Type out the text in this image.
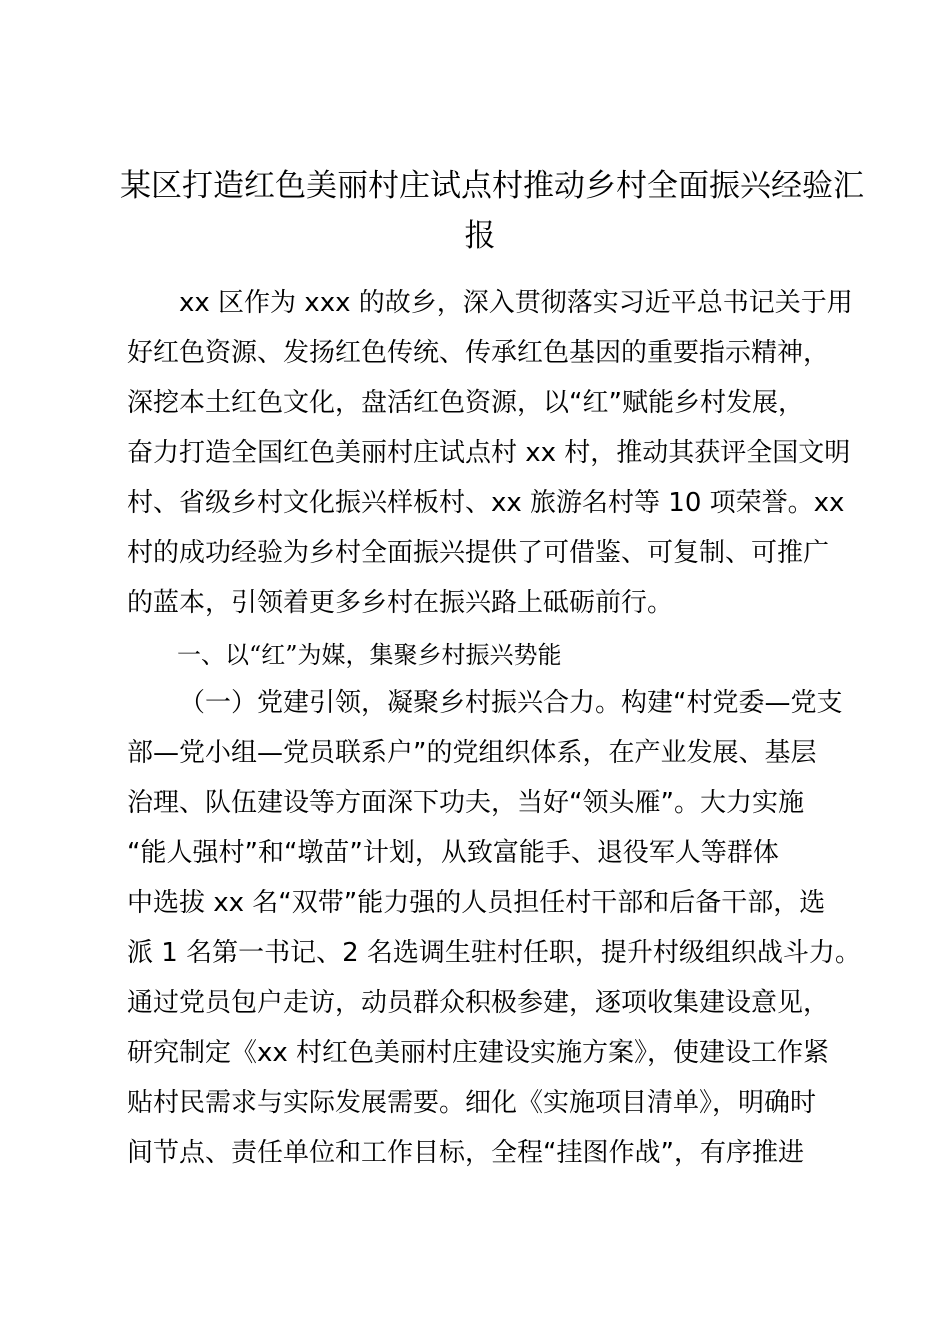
某区打造红色美丽村庄试点村推动乡村全面振兴经验汇
报
xx 区作为 xxx 的故乡，深入贯彻落实习近平总书记关于用
好红色资源、发扬红色传统、传承红色基因的重要指示精神，
深挖本土红色文化，盘活红色资源，以“红”赋能乡村发展，
奋力打造全国红色美丽村庄试点村 xx 村，推动其获评全国文明
村、省级乡村文化振兴样板村、xx 旅游名村等 10 项荣誉。xx
村的成功经验为乡村全面振兴提供了可借鉴、可复制、可推广
的蓝本，引领着更多乡村在振兴路上砥砺前行。
一、以“红”为媒，集聚乡村振兴势能
（一）党建引领，凝聚乡村振兴合力。构建“村党委—党支
部—党小组—党员联系户”的党组织体系，在产业发展、基层
治理、队伍建设等方面深下功夫，当好“领头雁”。大力实施
“能人强村”和“墩苗”计划，从致富能手、退役军人等群体
中选拔 xx 名“双带”能力强的人员担任村干部和后备干部，选
派 1 名第一书记、2 名选调生驻村任职，提升村级组织战斗力。
通过党员包户走访，动员群众积极参建，逐项收集建设意见，
研究制定《xx 村红色美丽村庄建设实施方案》，使建设工作紧
贴村民需求与实际发展需要。细化《实施项目清单》，明确时
间节点、责任单位和工作目标，全程“挂图作战”，有序推进
